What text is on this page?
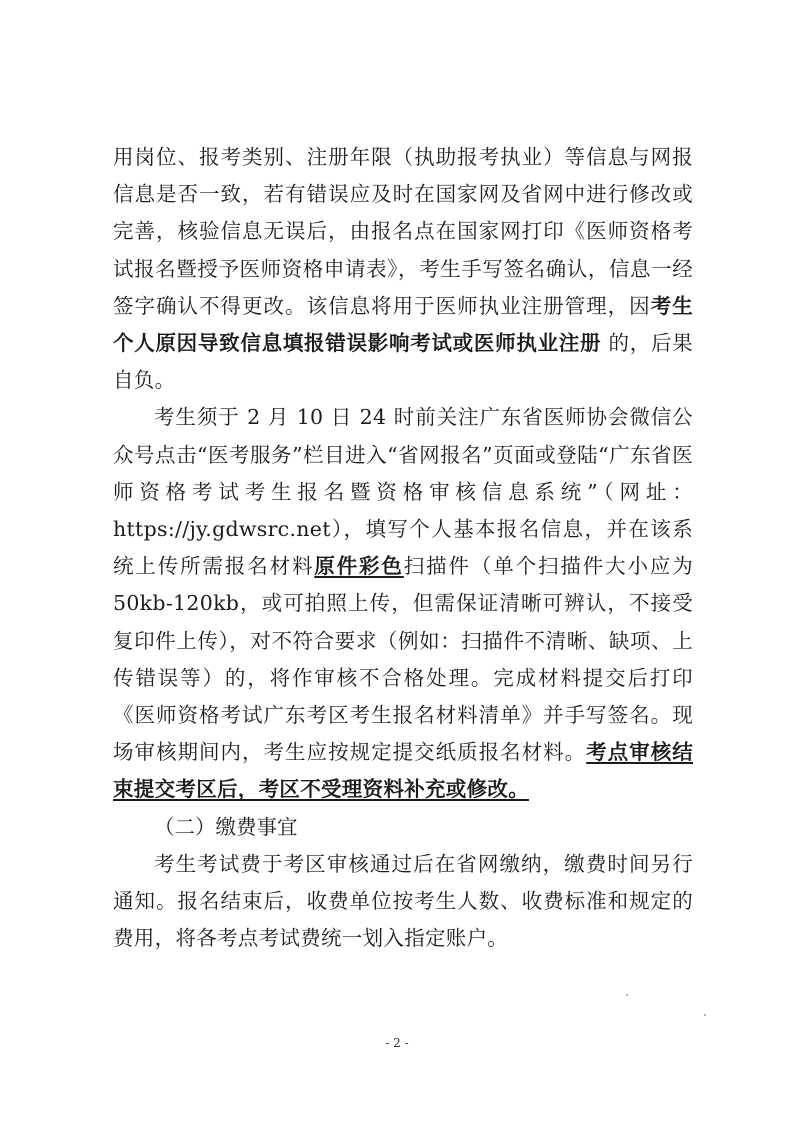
用岗位、报考类别、注册年限（执助报考执业）等信息与网报信息是否一致，若有错误应及时在国家网及省网中进行修改或完善，核验信息无误后，由报名点在国家网打印《医师资格考试报名暨授予医师资格申请表》，考生手写签名确认，信息一经签字确认不得更改。该信息将用于医师执业注册管理，因考生个人原因导致信息填报错误影响考试或医师执业注册 的，后果自负。

考生须于 2 月 10 日 24 时前关注广东省医师协会微信公众号点击“医考服务”栏目进入“省网报名”页面或登陆“广东省医师资格考试考生报名暨资格审核信息系统”（网址：https://jy.gdwsrc.net），填写个人基本报名信息，并在该系统上传所需报名材料原件彩色扫描件（单个扫描件大小应为 50kb-120kb，或可拍照上传，但需保证清晰可辨认，不接受复印件上传），对不符合要求（例如：扫描件不清晰、缺项、上传错误等）的，将作审核不合格处理。完成材料提交后打印《医师资格考试广东考区考生报名材料清单》并手写签名。现场审核期间内，考生应按规定提交纸质报名材料。考点审核结束提交考区后，考区不受理资料补充或修改。

（二）缴费事宜

考生考试费于考区审核通过后在省网缴纳，缴费时间另行通知。报名结束后，收费单位按考生人数、收费标准和规定的费用，将各考点考试费统一划入指定账户。

- 2 -
